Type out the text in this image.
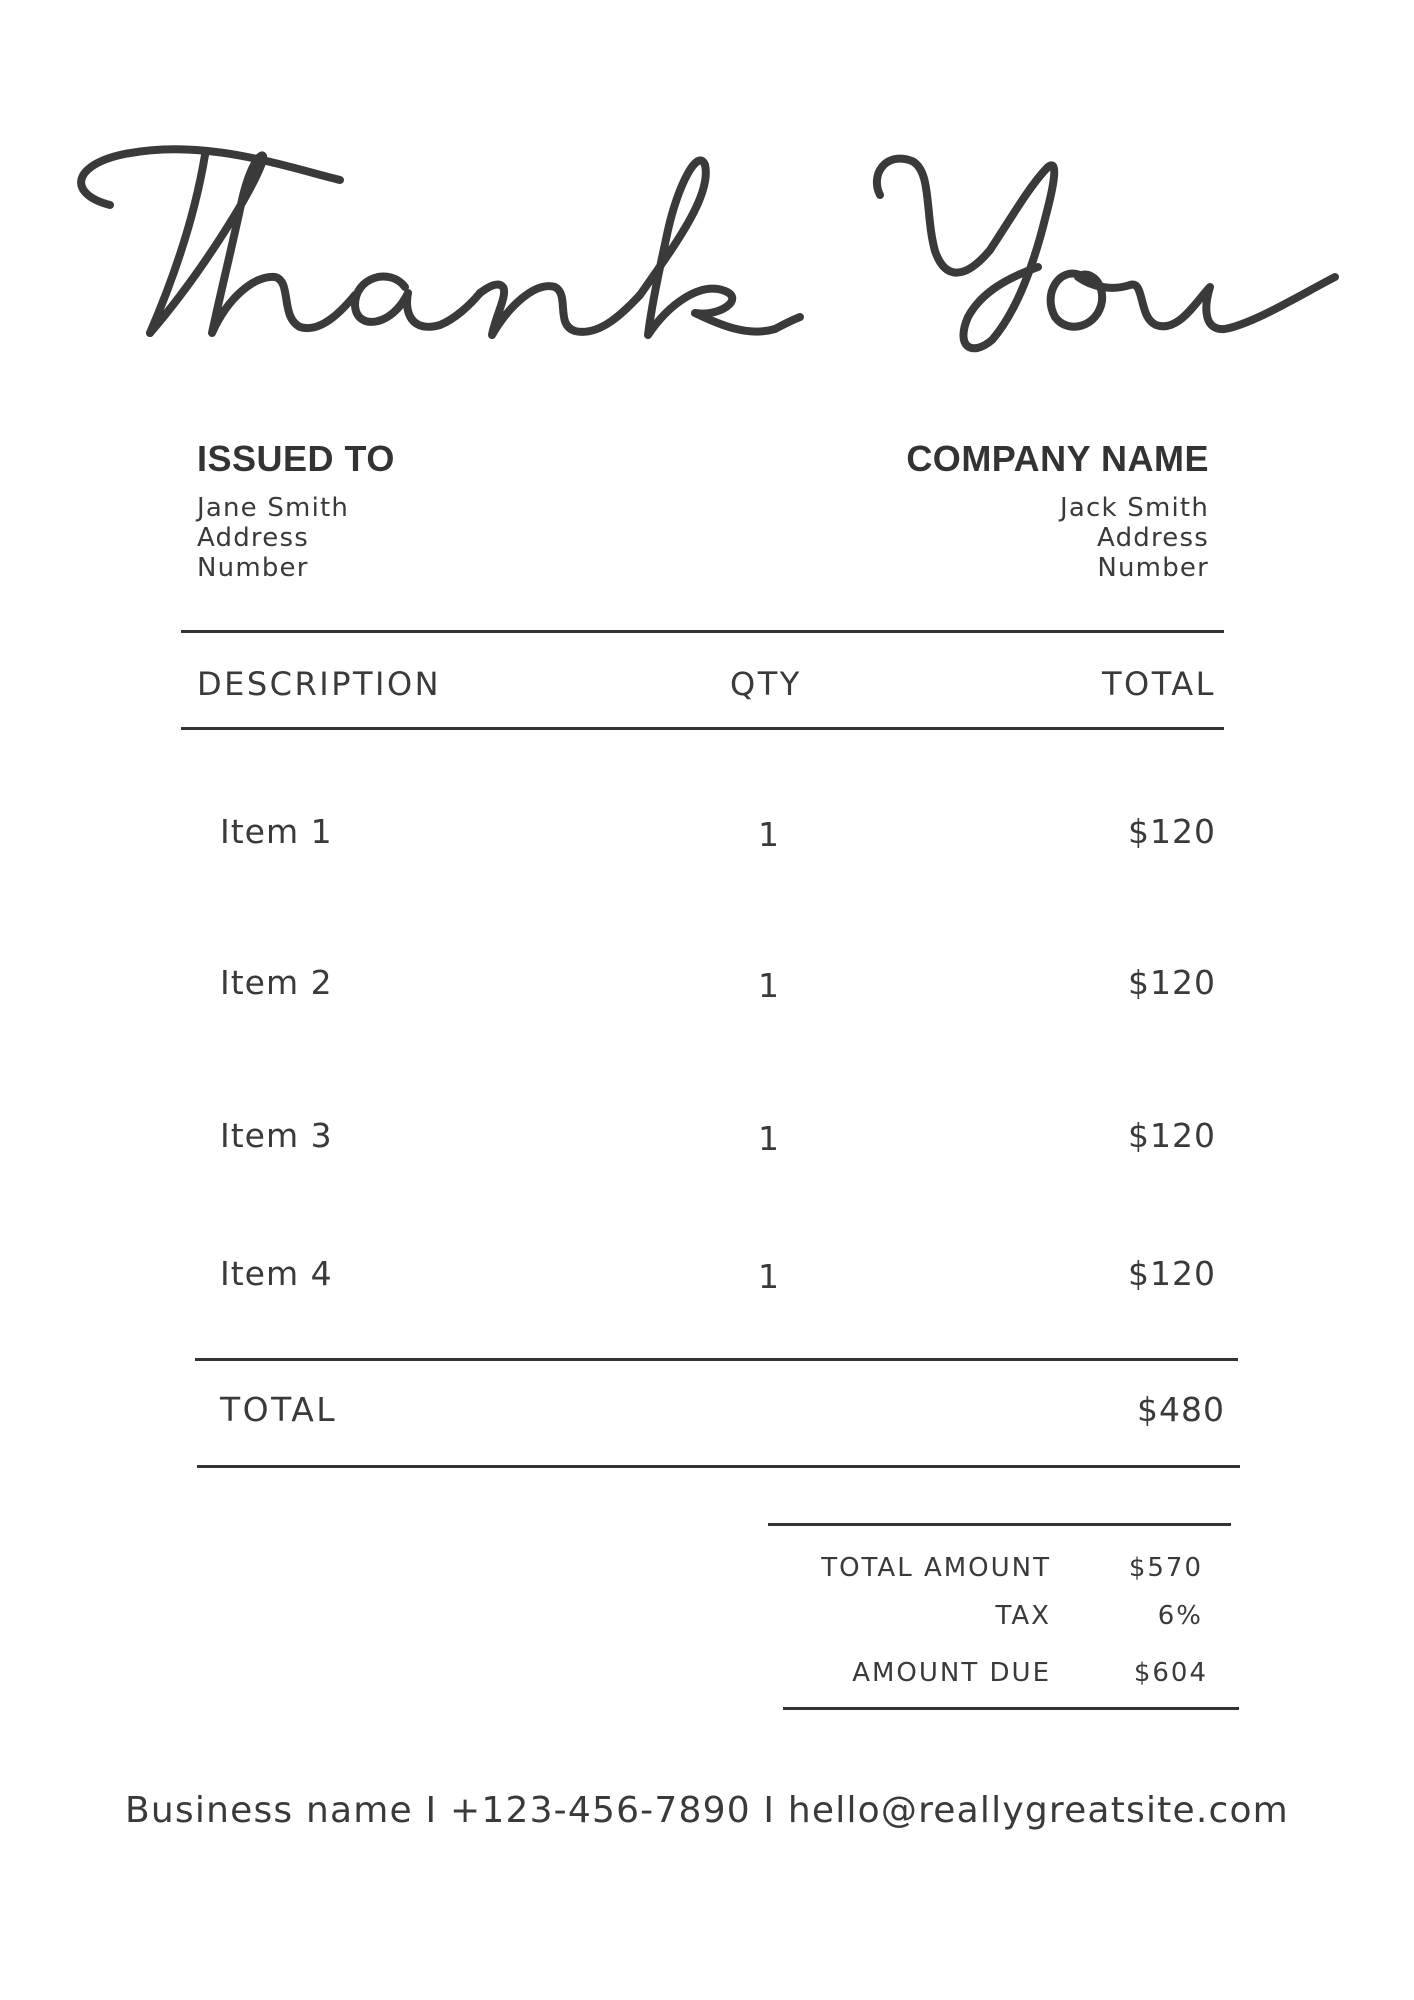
ISSUED TO
Jane Smith
Address
Number
COMPANY NAME
Jack Smith
Address
Number
DESCRIPTION	QTY	TOTAL
Item 1	1	$120
Item 2	1	$120
Item 3	1	$120
Item 4	1	$120
TOTAL	$480
TOTAL AMOUNT	$570
TAX	6%
AMOUNT DUE	$604
Business name I +123-456-7890 I hello@reallygreatsite.com
